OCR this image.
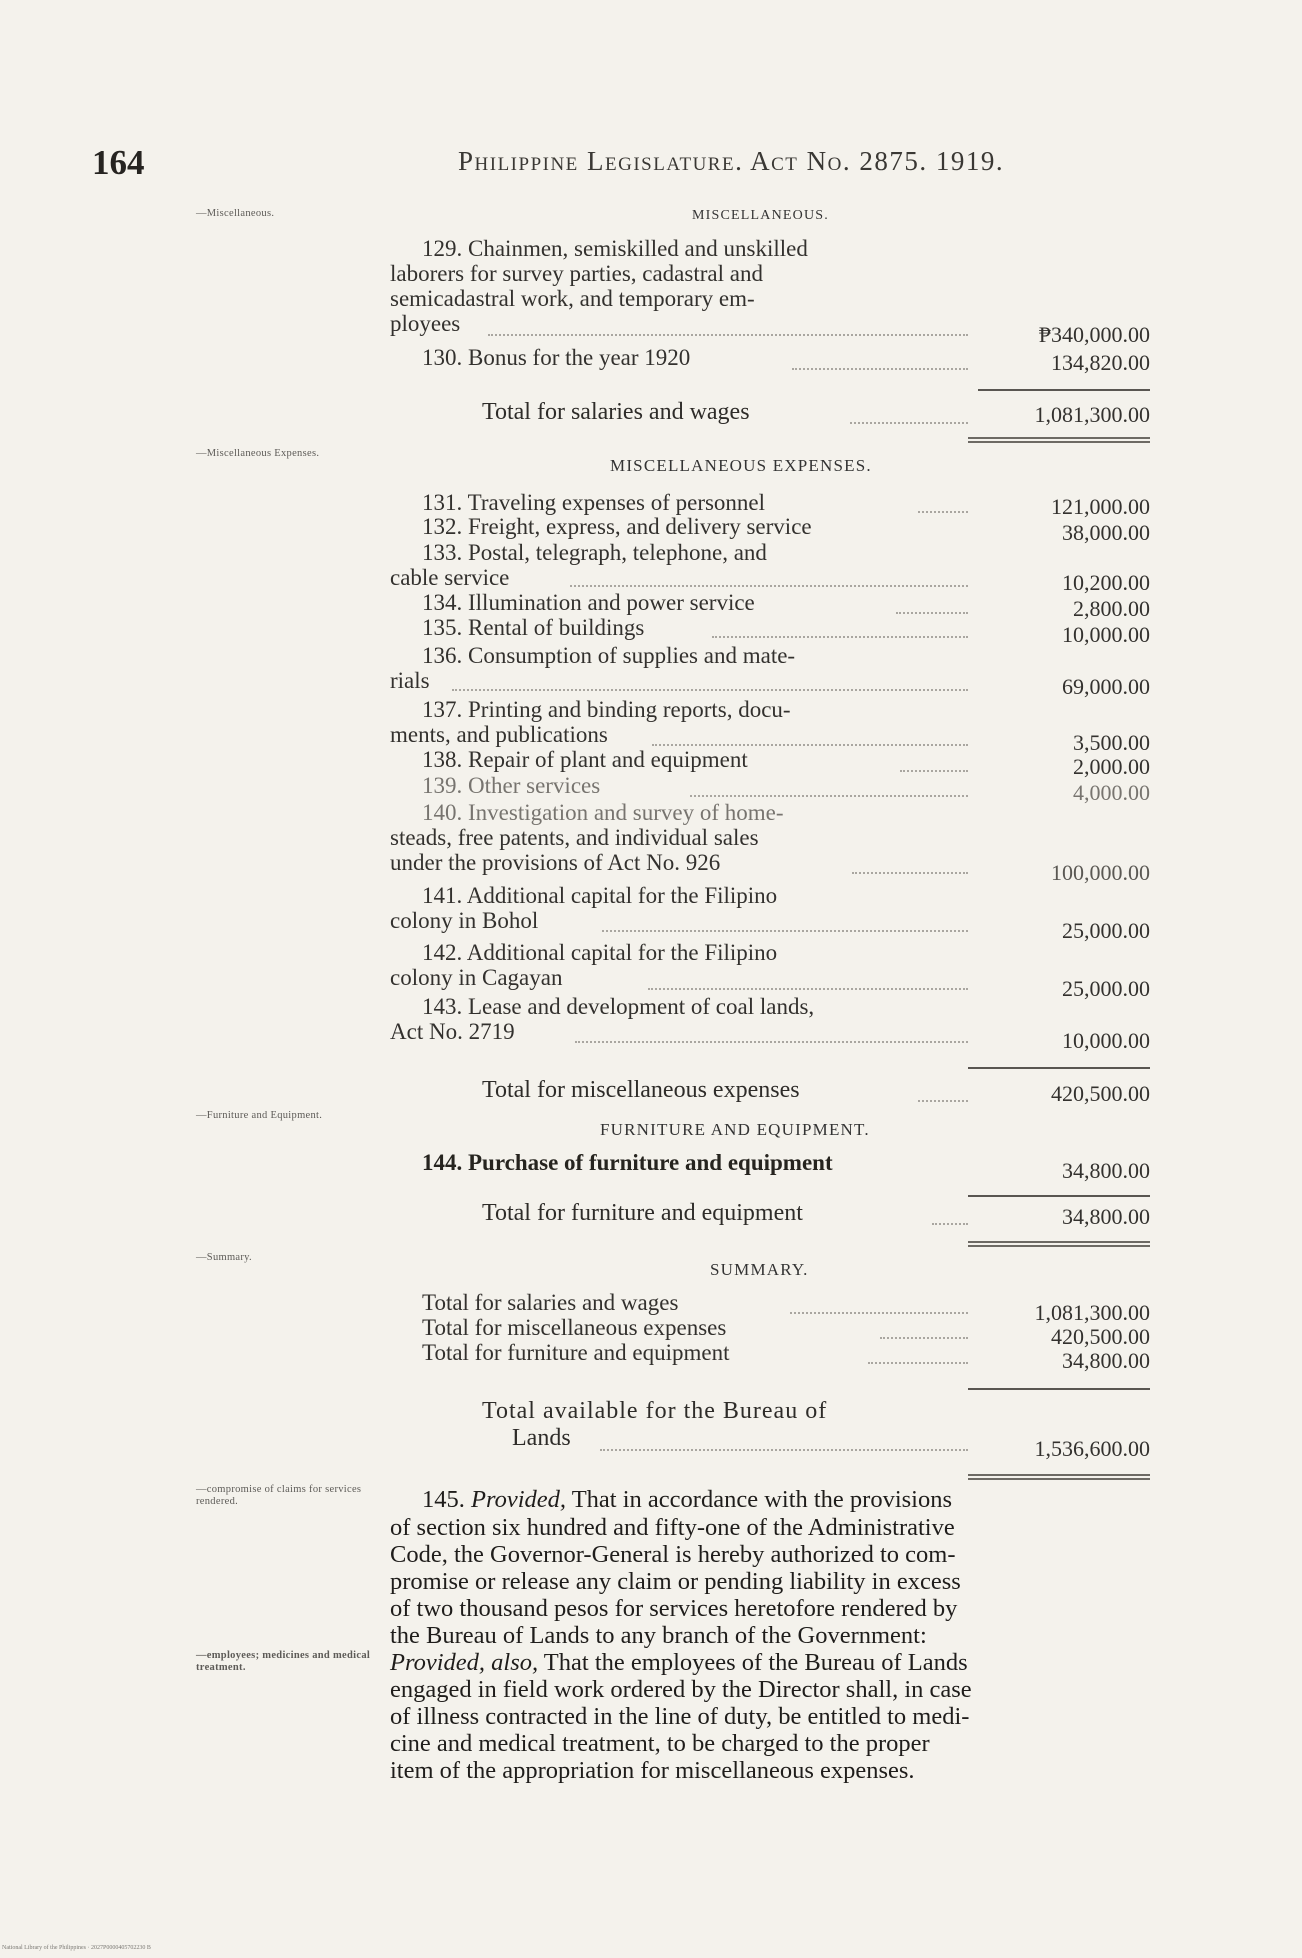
164	Philippine Legislature. Act No. 2875. 1919.
—Miscellaneous.	MISCELLANEOUS.
129. Chainmen, semiskilled and unskilled
laborers for survey parties, cadastral and
semicadastral work, and temporary em-
ployees	₱340,000.00
130. Bonus for the year 1920	134,820.00
Total for salaries and wages	1,081,300.00
—Miscellaneous Expenses.
MISCELLANEOUS EXPENSES.
131. Traveling expenses of personnel	121,000.00
132. Freight, express, and delivery service	38,000.00
133. Postal, telegraph, telephone, and
cable service	10,200.00
134. Illumination and power service	2,800.00
135. Rental of buildings	10,000.00
136. Consumption of supplies and mate-
rials	69,000.00
137. Printing and binding reports, docu-
ments, and publications	3,500.00
138. Repair of plant and equipment	2,000.00
139. Other services	4,000.00
140. Investigation and survey of home-
steads, free patents, and individual sales
under the provisions of Act No. 926	100,000.00
141. Additional capital for the Filipino
colony in Bohol	25,000.00
142. Additional capital for the Filipino
colony in Cagayan	25,000.00
143. Lease and development of coal lands,
Act No. 2719	10,000.00
Total for miscellaneous expenses	420,500.00
—Furniture and Equipment.
FURNITURE AND EQUIPMENT.
144. Purchase of furniture and equipment	34,800.00
Total for furniture and equipment	34,800.00
—Summary.
SUMMARY.
Total for salaries and wages	1,081,300.00
Total for miscellaneous expenses	420,500.00
Total for furniture and equipment	34,800.00
Total available for the Bureau of
Lands	1,536,600.00
—compromise of claims for services rendered.
—employees; medicines and medical treatment.
145. Provided, That in accordance with the provisions
of section six hundred and fifty-one of the Administrative
Code, the Governor-General is hereby authorized to com-
promise or release any claim or pending liability in excess
of two thousand pesos for services heretofore rendered by
the Bureau of Lands to any branch of the Government:
Provided, also, That the employees of the Bureau of Lands
engaged in field work ordered by the Director shall, in case
of illness contracted in the line of duty, be entitled to medi-
cine and medical treatment, to be charged to the proper
item of the appropriation for miscellaneous expenses.
National Library of the Philippines · 2027P0000405702230 B
